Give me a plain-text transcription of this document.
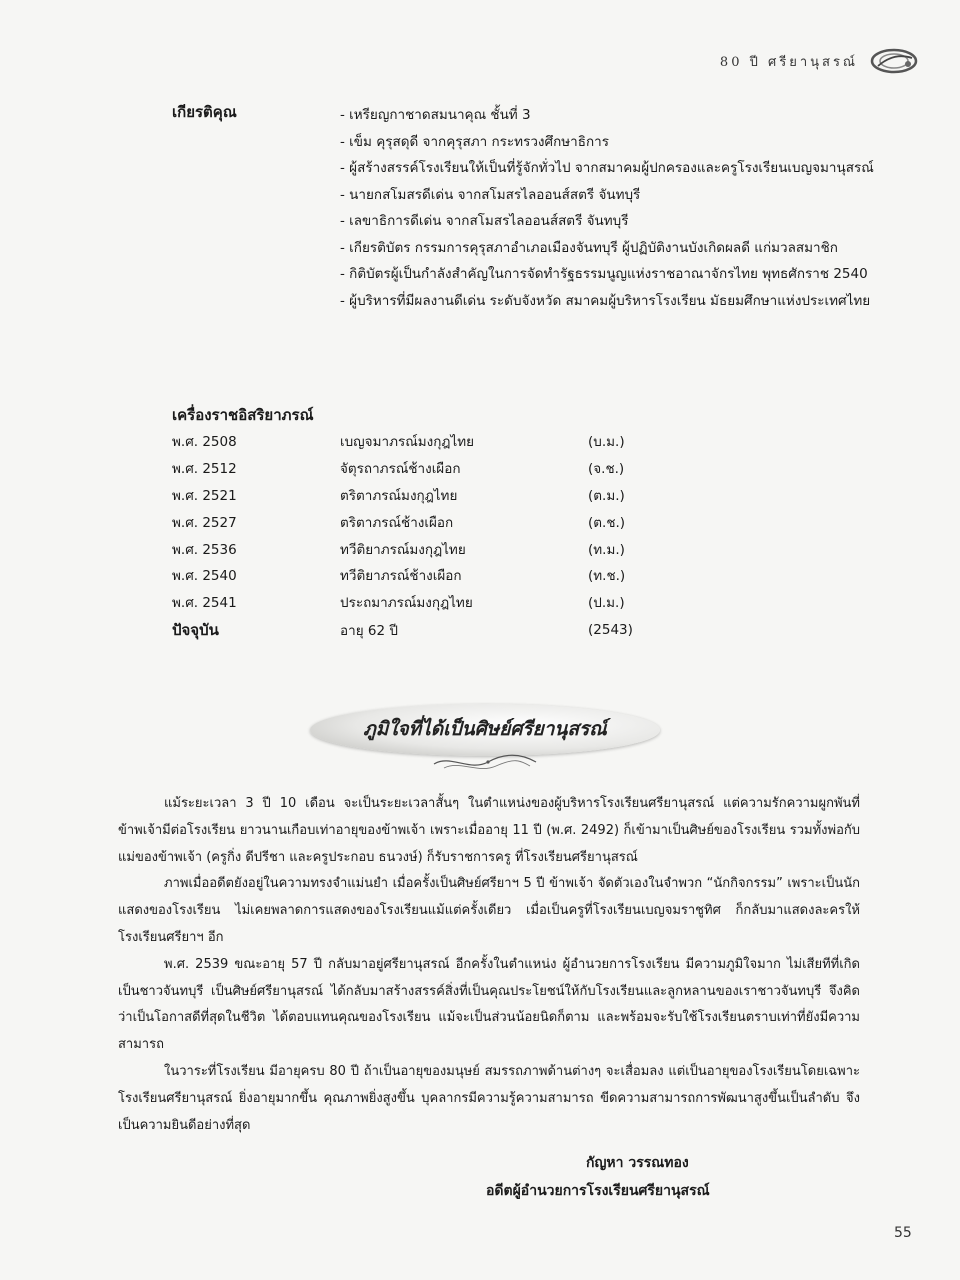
80 ปี ศรียานุสรณ์
เกียรติคุณ
-	เหรียญกาชาดสมนาคุณ ชั้นที่ 3
- เข็ม คุรุสดุดี จากคุรุสภา กระทรวงศึกษาธิการ
- ผู้สร้างสรรค์โรงเรียนให้เป็นที่รู้จักทั่วไป จากสมาคมผู้ปกครองและครูโรงเรียนเบญจมานุสรณ์
- นายกสโมสรดีเด่น จากสโมสรไลออนส์สตรี จันทบุรี
- เลขาธิการดีเด่น จากสโมสรไลออนส์สตรี จันทบุรี
- เกียรติบัตร กรรมการคุรุสภาอำเภอเมืองจันทบุรี ผู้ปฏิบัติงานบังเกิดผลดี แก่มวลสมาชิก
- กิติบัตรผู้เป็นกำลังสำคัญในการจัดทำรัฐธรรมนูญแห่งราชอาณาจักรไทย พุทธศักราช 2540
- ผู้บริหารที่มีผลงานดีเด่น ระดับจังหวัด สมาคมผู้บริหารโรงเรียน มัธยมศึกษาแห่งประเทศไทย
เครื่องราชอิสริยาภรณ์
พ.ศ. 2508	เบญจมาภรณ์มงกุฎไทย	(บ.ม.)
พ.ศ. 2512	จัตุรถาภรณ์ช้างเผือก	(จ.ช.)
พ.ศ. 2521	ตริตาภรณ์มงกุฎไทย	(ต.ม.)
พ.ศ. 2527	ตริตาภรณ์ช้างเผือก	(ต.ช.)
พ.ศ. 2536	ทวีติยาภรณ์มงกุฎไทย	(ท.ม.)
พ.ศ. 2540	ทวีติยาภรณ์ช้างเผือก	(ท.ช.)
พ.ศ. 2541	ประถมาภรณ์มงกุฎไทย	(ป.ม.)
ปัจจุบัน	อายุ 62 ปี	(2543)
ภูมิใจที่ได้เป็นศิษย์ศรียานุสรณ์

แม้ระยะเวลา 3 ปี 10 เดือน จะเป็นระยะเวลาสั้นๆ ในตำแหน่งของผู้บริหารโรงเรียนศรียานุสรณ์ แต่ความรักความผูกพันที่ข้าพเจ้ามีต่อโรงเรียน ยาวนานเกือบเท่าอายุของข้าพเจ้า เพราะเมื่ออายุ 11 ปี (พ.ศ. 2492) ก็เข้ามาเป็นศิษย์ของโรงเรียน รวมทั้งพ่อกับแม่ของข้าพเจ้า (ครูกิ่ง ดีปรีชา และครูประกอบ ธนวงษ์) ก็รับราชการครู ที่โรงเรียนศรียานุสรณ์

ภาพเมื่ออดีตยังอยู่ในความทรงจำแม่นยำ เมื่อครั้งเป็นศิษย์ศรียาฯ 5 ปี ข้าพเจ้า จัดตัวเองในจำพวก “นักกิจกรรม” เพราะเป็นนักแสดงของโรงเรียน ไม่เคยพลาดการแสดงของโรงเรียนแม้แต่ครั้งเดียว เมื่อเป็นครูที่โรงเรียนเบญจมราชูทิศ ก็กลับมาแสดงละครให้โรงเรียนศรียาฯ อีก

พ.ศ. 2539 ขณะอายุ 57 ปี กลับมาอยู่ศรียานุสรณ์ อีกครั้งในตำแหน่ง ผู้อำนวยการโรงเรียน มีความภูมิใจมาก ไม่เสียทีที่เกิดเป็นชาวจันทบุรี เป็นศิษย์ศรียานุสรณ์ ได้กลับมาสร้างสรรค์สิ่งที่เป็นคุณประโยชน์ให้กับโรงเรียนและลูกหลานของเราชาวจันทบุรี จึงคิดว่าเป็นโอกาสดีที่สุดในชีวิต ได้ตอบแทนคุณของโรงเรียน แม้จะเป็นส่วนน้อยนิดก็ตาม และพร้อมจะรับใช้โรงเรียนตราบเท่าที่ยังมีความสามารถ

ในวาระที่โรงเรียน มีอายุครบ 80 ปี ถ้าเป็นอายุของมนุษย์ สมรรถภาพด้านต่างๆ จะเสื่อมลง แต่เป็นอายุของโรงเรียนโดยเฉพาะโรงเรียนศรียานุสรณ์ ยิ่งอายุมากขึ้น คุณภาพยิ่งสูงขึ้น บุคลากรมีความรู้ความสามารถ ขีดความสามารถการพัฒนาสูงขึ้นเป็นลำดับ จึงเป็นความยินดีอย่างที่สุด

กัญหา วรรณทอง
อดีตผู้อำนวยการโรงเรียนศรียานุสรณ์
55
